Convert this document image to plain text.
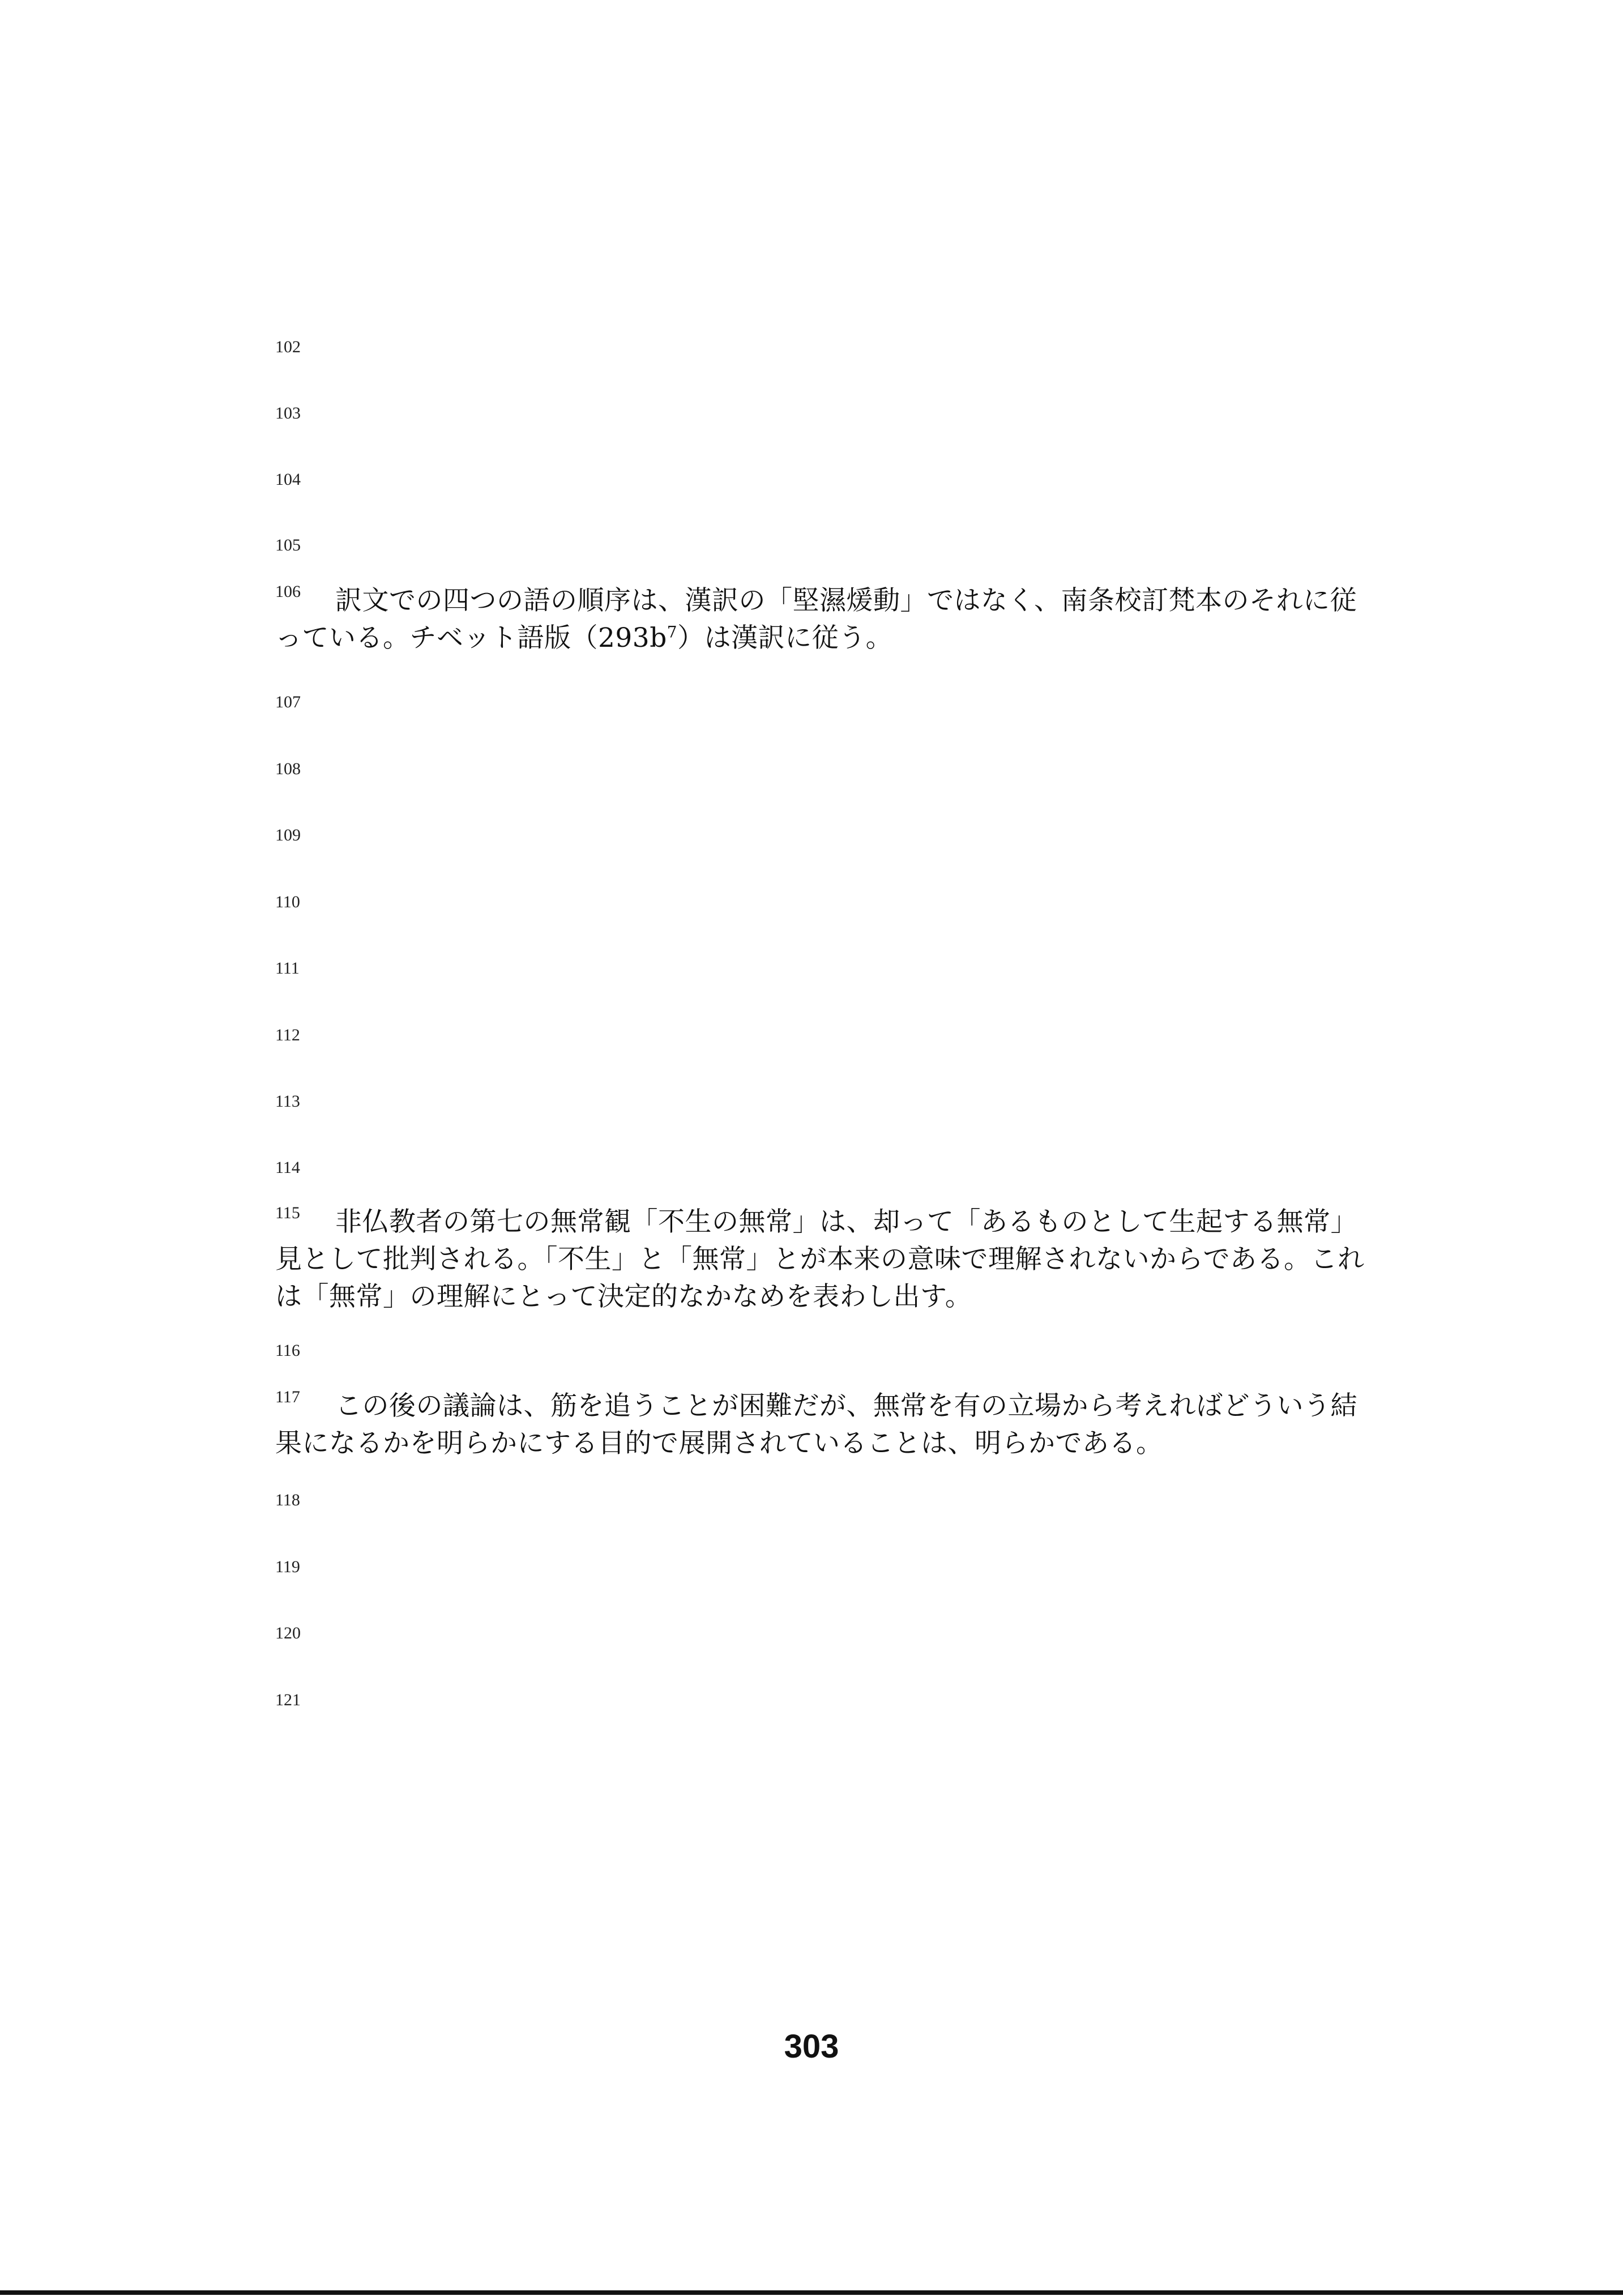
102
103
104
105
106	訳文での四つの語の順序は、漢訳の「堅濕煖動」ではなく、南条校訂梵本のそれに従っている。チベット語版$(293b^7)$は漢訳に従う。

107
108
109
110
111
112
113
114
115	非仏教者の第七の無常観「不生の無常」は、却って「あるものとして生起する無常」見として批判される。「不生」と「無常」とが本来の意味で理解されないからである。これは「無常」の理解にとって決定的なかなめを表わし出す。

116
117	この後の議論は、筋を追うことが困難だが、無常を有の立場から考えればどういう結果になるかを明らかにする目的で展開されていることは、明らかである。

118
119
120
121
303
